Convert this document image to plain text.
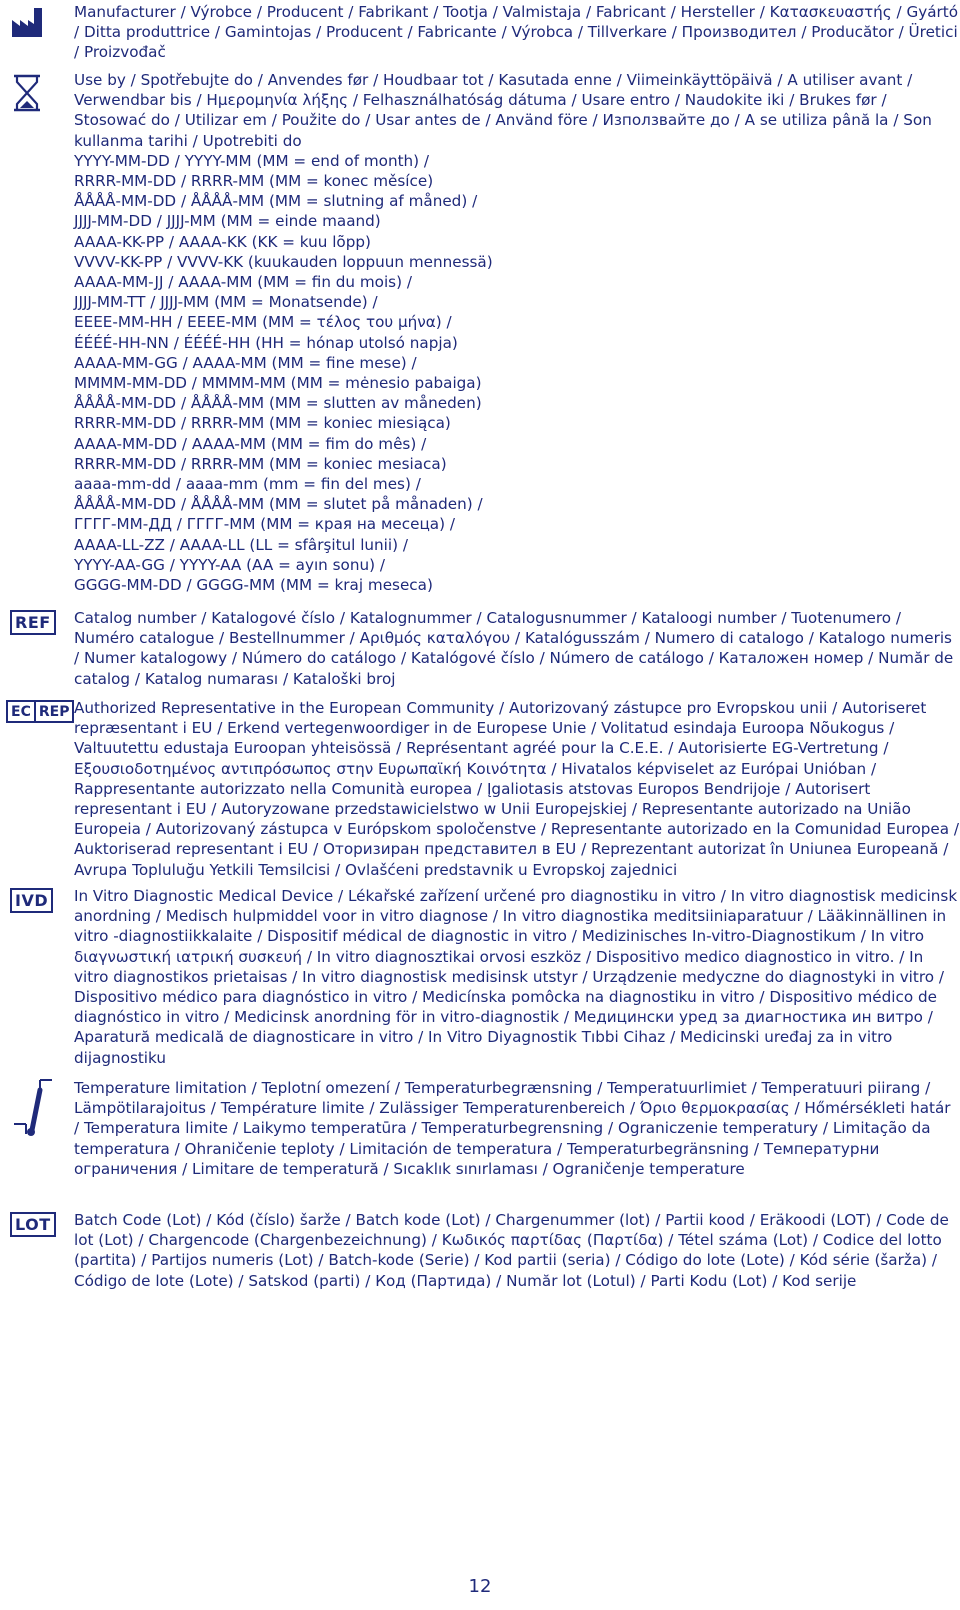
Manufacturer / Výrobce / Producent / Fabrikant / Tootja / Valmistaja / Fabricant / Hersteller / Κατασκευαστής / Gyártó / Ditta produttrice / Gamintojas / Producent / Fabricante / Výrobca / Tillverkare / Производител / Producător / Üretici / Proizvođač

Use by / Spotřebujte do / Anvendes før / Houdbaar tot / Kasutada enne / Viimeinkäyttöpäivä / A utiliser avant / Verwendbar bis / Ημερομηνία λήξης / Felhasználhatóság dátuma / Usare entro / Naudokite iki / Brukes før / Stosować do / Utilizar em / Použite do / Usar antes de / Använd före / Използвайте до / A se utiliza până la / Son kullanma tarihi / Upotrebiti do

YYYY-MM-DD / YYYY-MM (MM = end of month) /

RRRR-MM-DD / RRRR-MM (MM = konec měsíce)

ÅÅÅÅ-MM-DD / ÅÅÅÅ-MM (MM = slutning af måned) /

JJJJ-MM-DD / JJJJ-MM (MM = einde maand)

AAAA-KK-PP / AAAA-KK (KK = kuu lõpp)

VVVV-KK-PP / VVVV-KK (kuukauden loppuun mennessä)

AAAA-MM-JJ / AAAA-MM (MM = fin du mois) /

JJJJ-MM-TT / JJJJ-MM (MM = Monatsende) /

ΕΕΕΕ-ΜΜ-ΗΗ / ΕΕΕΕ-ΜΜ (ΜΜ = τέλος του μήνα) /

ÉÉÉÉ-HH-NN / ÉÉÉÉ-HH (HH = hónap utolsó napja)

AAAA-MM-GG / AAAA-MM (MM = fine mese) /

MMMM-MM-DD / MMMM-MM (MM = mėnesio pabaiga)

ÅÅÅÅ-MM-DD / ÅÅÅÅ-MM (MM = slutten av måneden)

RRRR-MM-DD / RRRR-MM (MM = koniec miesiąca)

AAAA-MM-DD / AAAA-MM (MM = fim do mês) /

RRRR-MM-DD / RRRR-MM (MM = koniec mesiaca)

aaaa-mm-dd / aaaa-mm (mm = fin del mes) /

ÅÅÅÅ-MM-DD / ÅÅÅÅ-MM (MM = slutet på månaden) /

ГГГГ-ММ-ДД / ГГГГ-ММ (ММ = края на месеца) /

AAAA-LL-ZZ / AAAA-LL (LL = sfârşitul lunii) /

YYYY-AA-GG / YYYY-AA (AA = ayın sonu) /

GGGG-MM-DD / GGGG-MM (MM = kraj meseca)

REF	Catalog number / Katalogové číslo / Katalognummer / Catalogusnummer / Kataloogi number / Tuotenumero / Numéro catalogue / Bestellnummer / Αριθμός καταλόγου / Katalógusszám / Numero di catalogo / Katalogo numeris / Numer katalogowy / Número do catálogo / Katalógové číslo / Número de catálogo / Каталожен номер / Număr de catalog / Katalog numarası / Kataloški broj

EC REP Authorized Representative in the European Community / Autorizovaný zástupce pro Evropskou unii / Autoriseret repræsentant i EU / Erkend vertegenwoordiger in de Europese Unie / Volitatud esindaja Euroopa Nõukogus / Valtuutettu edustaja Euroopan yhteisössä / Représentant agréé pour la C.E.E. / Autorisierte EG-Vertretung / Εξουσιοδοτημένος αντιπρόσωπος στην Ευρωπαϊκή Κοινότητα / Hivatalos képviselet az Európai Unióban / Rappresentante autorizzato nella Comunità europea / Įgaliotasis atstovas Europos Bendrijoje / Autorisert representant i EU / Autoryzowane przedstawicielstwo w Unii Europejskiej / Representante autorizado na União Europeia / Autorizovaný zástupca v Európskom spoločenstve / Representante autorizado en la Comunidad Europea / Auktoriserad representant i EU / Оторизиран представител в EU / Reprezentant autorizat în Uniunea Europeană / Avrupa Topluluğu Yetkili Temsilcisi / Ovlašćeni predstavnik u Evropskoj zajednici

IVD	In Vitro Diagnostic Medical Device / Lékařské zařízení určené pro diagnostiku in vitro / In vitro diagnostisk medicinsk anordning / Medisch hulpmiddel voor in vitro diagnose / In vitro diagnostika meditsiiniaparatuur / Lääkinnällinen in vitro -diagnostiikkalaite / Dispositif médical de diagnostic in vitro / Medizinisches In-vitro-Diagnostikum / In vitro διαγνωστική ιατρική συσκευή / In vitro diagnosztikai orvosi eszköz / Dispositivo medico diagnostico in vitro. / In vitro diagnostikos prietaisas / In vitro diagnostisk medisinsk utstyr / Urządzenie medyczne do diagnostyki in vitro / Dispositivo médico para diagnóstico in vitro / Medicínska pomôcka na diagnostiku in vitro / Dispositivo médico de diagnóstico in vitro / Medicinsk anordning för in vitro-diagnostik / Медицински уред за диагностика ин витро / Aparatură medicală de diagnosticare in vitro / In Vitro Diyagnostik Tıbbi Cihaz / Medicinski uređaj za in vitro dijagnostiku

Temperature limitation / Teplotní omezení / Temperaturbegrænsning / Temperatuurlimiet / Temperatuuri piirang / Lämpötilarajoitus / Température limite / Zulässiger Temperaturenbereich / Όριο θερμοκρασίας / Hőmérsékleti határ / Temperatura limite / Laikymo temperatūra / Temperaturbegrensning / Ograniczenie temperatury / Limitação da temperatura / Ohraničenie teploty / Limitación de temperatura / Temperaturbegränsning / Температурни ограничения / Limitare de temperatură / Sıcaklık sınırlaması / Ograničenje temperature

LOT	Batch Code (Lot) / Kód (číslo) šarže / Batch kode (Lot) / Chargenummer (lot) / Partii kood / Eräkoodi (LOT) / Code de lot (Lot) / Chargencode (Chargenbezeichnung) / Κωδικός παρτίδας (Παρτίδα) / Tétel száma (Lot) / Codice del lotto (partita) / Partijos numeris (Lot) / Batch-kode (Serie) / Kod partii (seria) / Código do lote (Lote) / Kód série (šarža) / Código de lote (Lote) / Satskod (parti) / Код (Партида) / Număr lot (Lotul) / Parti Kodu (Lot) / Kod serije

12
